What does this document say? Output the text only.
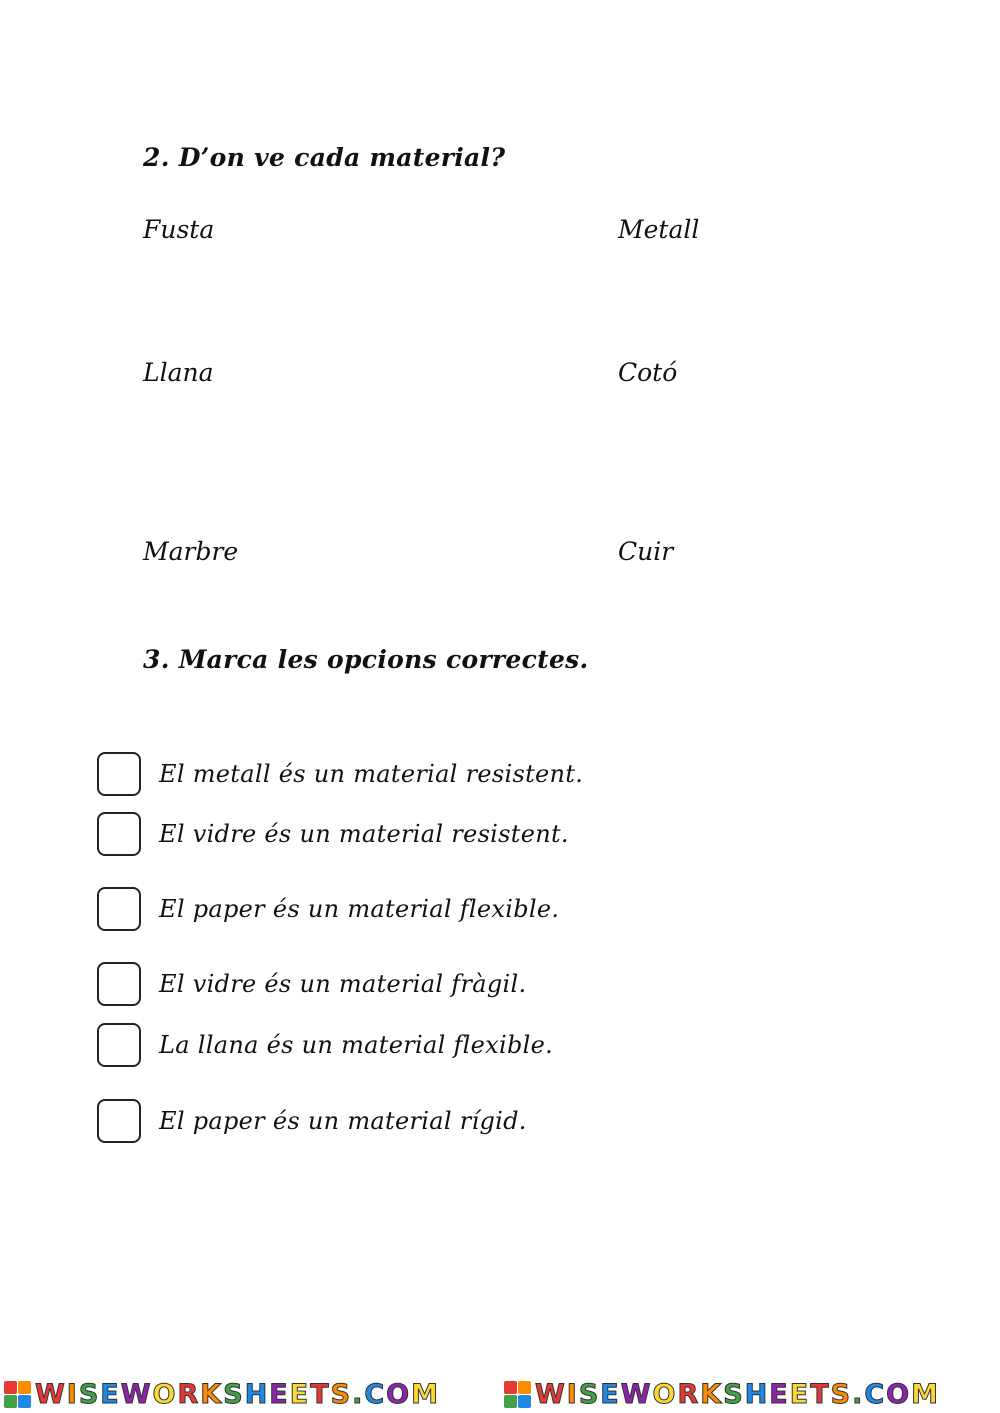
2. D’on ve cada material?
Fusta	Metall
Llana	Cotó
Marbre	Cuir
3. Marca les opcions correctes.
El metall és un material resistent.
El vidre és un material resistent.
El paper és un material flexible.
El vidre és un material fràgil.
La llana és un material flexible.
El paper és un material rígid.
WISEWORKSHEETS.COM	WISEWORKSHEETS.COM
